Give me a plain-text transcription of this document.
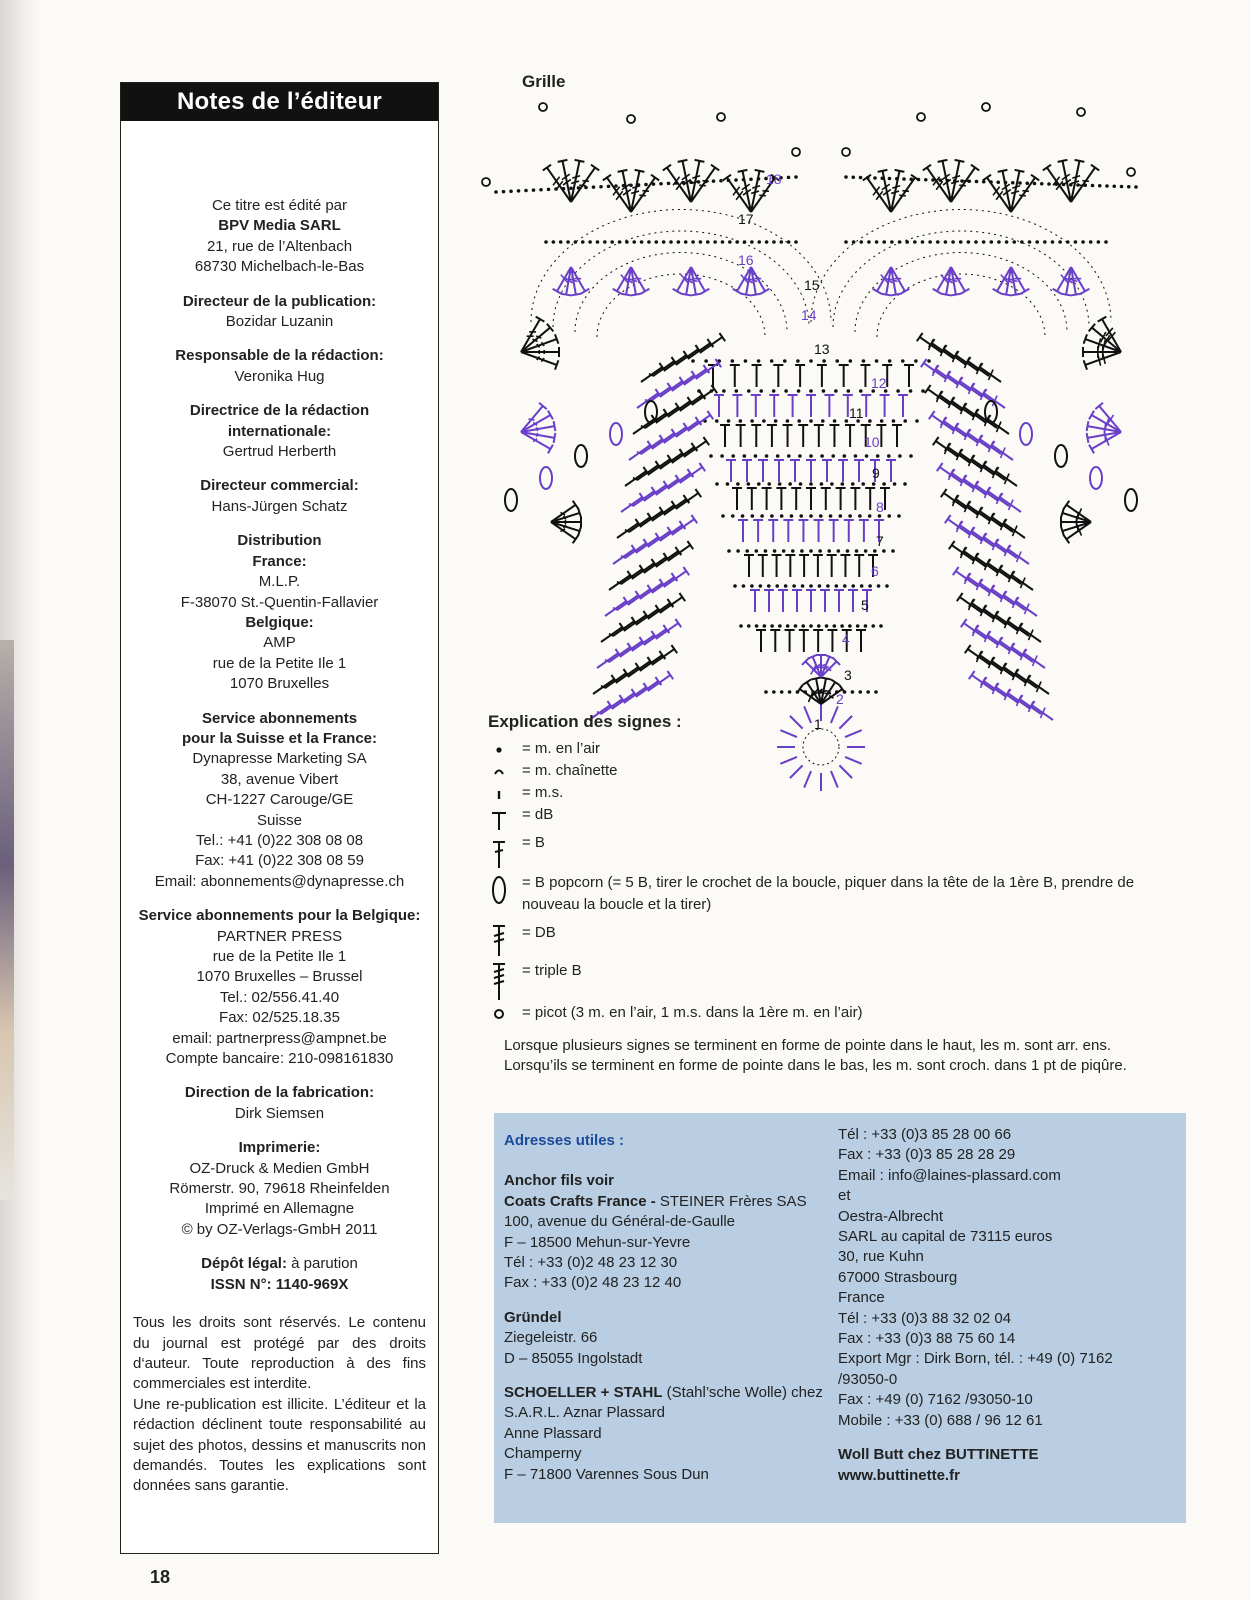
Notes de l’éditeur
Ce titre est édité par
BPV Media SARL
21, rue de l’Altenbach
68730 Michelbach-le-Bas
Directeur de la publication:
Bozidar Luzanin
Responsable de la rédaction:
Veronika Hug
Directrice de la rédaction
internationale:
Gertrud Herberth
Directeur commercial:
Hans-Jürgen Schatz
Distribution
France:
M.L.P.
F-38070 St.-Quentin-Fallavier
Belgique:
AMP
rue de la Petite Ile 1
1070 Bruxelles
Service abonnements
pour la Suisse et la France:
Dynapresse Marketing SA
38, avenue Vibert
CH-1227 Carouge/GE
Suisse
Tel.: +41 (0)22 308 08 08
Fax: +41 (0)22 308 08 59
Email: abonnements@dynapresse.ch
Service abonnements pour la Belgique:
PARTNER PRESS
rue de la Petite Ile 1
1070 Bruxelles – Brussel
Tel.: 02/556.41.40
Fax: 02/525.18.35
email: partnerpress@ampnet.be
Compte bancaire: 210-098161830
Direction de la fabrication:
Dirk Siemsen
Imprimerie:
OZ-Druck & Medien GmbH
Römerstr. 90, 79618 Rheinfelden
Imprimé en Allemagne
© by OZ-Verlags-GmbH 2011
Dépôt légal: à parution
ISSN N°: 1140-969X
Tous les droits sont réservés. Le contenu du journal est protégé par des droits d‘auteur. Toute reproduction à des fins commerciales est interdite.
Une re-publication est illicite. L’éditeur et la rédaction déclinent toute responsabilité au sujet des photos, dessins et manuscrits non demandés. Toutes les explications sont données sans garantie.
18
Grille
1
2
3
4
5
6
7
8
9
10
11
12
13
14
15
16
17
18
Explication des signes :
= m. en l’air
= m. chaînette
= m.s.
= dB
= B
= B popcorn (= 5 B, tirer le crochet de la boucle, piquer dans la tête de la 1ère B, prendre de nouveau la boucle et la tirer)
= DB
= triple B
= picot (3 m. en l’air, 1 m.s. dans la 1ère m. en l’air)
Lorsque plusieurs signes se terminent en forme de pointe dans le haut, les m. sont arr. ens.
Lorsqu’ils se terminent en forme de pointe dans le bas, les m. sont croch. dans 1 pt de piqûre.
Adresses utiles :
Anchor fils voir
Coats Crafts France - STEINER Frères SAS
100, avenue du Général-de-Gaulle
F – 18500 Mehun-sur-Yevre
Tél : +33 (0)2 48 23 12 30
Fax : +33 (0)2 48 23 12 40
Gründel
Ziegeleistr. 66
D – 85055 Ingolstadt
SCHOELLER + STAHL (Stahl’sche Wolle) chez
S.A.R.L. Aznar Plassard
Anne Plassard
Champerny
F – 71800 Varennes Sous Dun
Tél : +33 (0)3 85 28 00 66
Fax : +33 (0)3 85 28 28 29
Email : info@laines-plassard.com
et
Oestra-Albrecht
SARL au capital de 73115 euros
30, rue Kuhn
67000 Strasbourg
France
Tél : +33 (0)3 88 32 02 04
Fax : +33 (0)3 88 75 60 14
Export Mgr : Dirk Born, tél. : +49 (0) 7162
/93050-0
Fax : +49 (0) 7162 /93050-10
Mobile : +33 (0) 688 / 96 12 61
Woll Butt chez BUTTINETTE
www.buttinette.fr
